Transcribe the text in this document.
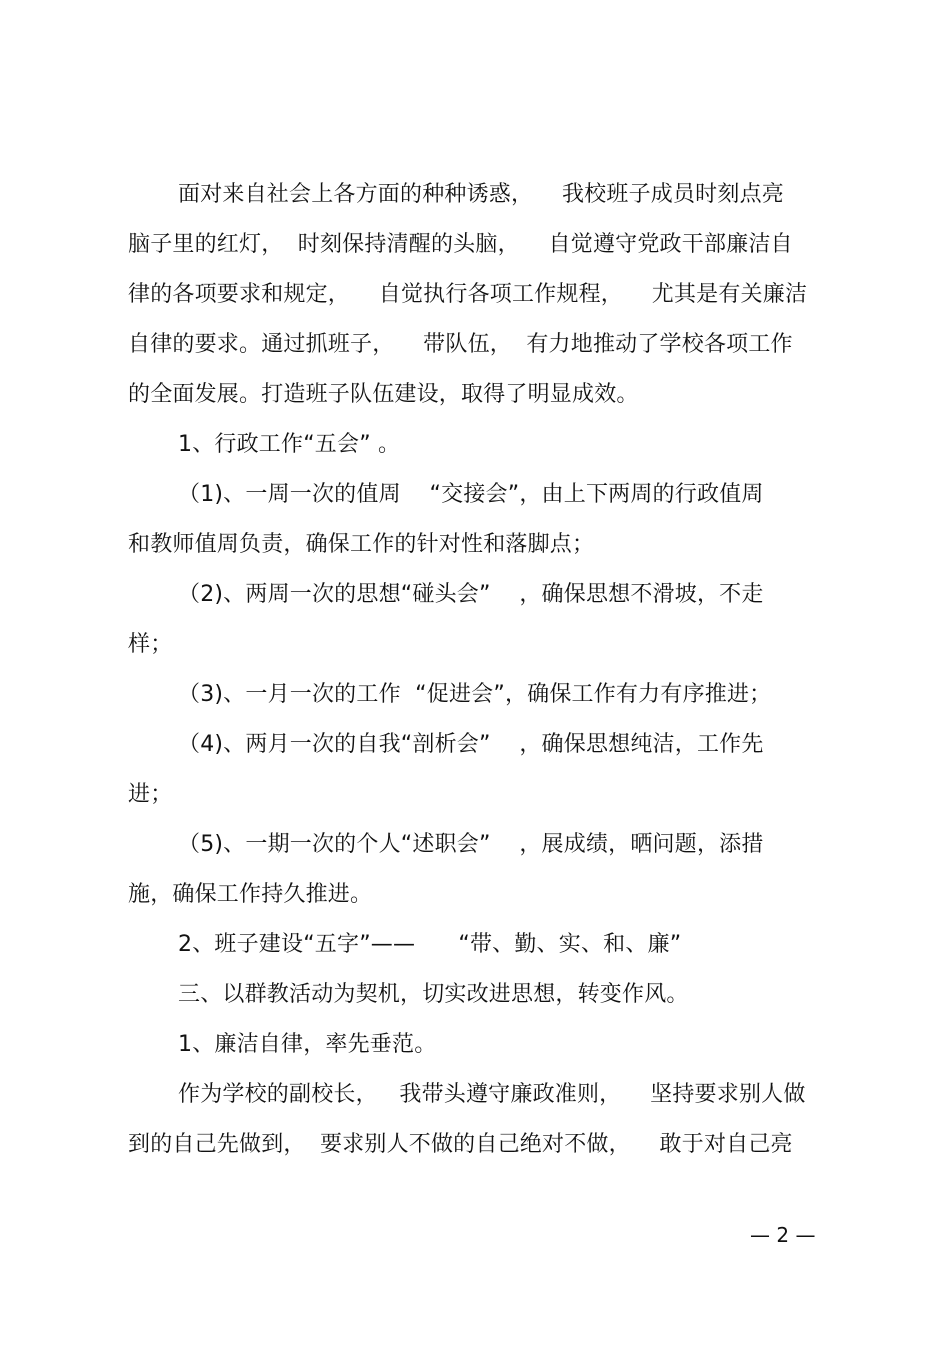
面对来自社会上各方面的种种诱惑，    我校班子成员时刻点亮
脑子里的红灯，  时刻保持清醒的头脑，    自觉遵守党政干部廉洁自
律的各项要求和规定，    自觉执行各项工作规程，    尤其是有关廉洁
自律的要求。通过抓班子，    带队伍，  有力地推动了学校各项工作
的全面发展。打造班子队伍建设，取得了明显成效。
1、行政工作“五会” 。
（1)、一周一次的值周    “交接会”，由上下两周的行政值周
和教师值周负责，确保工作的针对性和落脚点；
（2)、两周一次的思想“碰头会”    ，确保思想不滑坡，不走
样；
（3)、一月一次的工作  “促进会”，确保工作有力有序推进；
（4)、两月一次的自我“剖析会”    ，确保思想纯洁，工作先
进；
（5)、一期一次的个人“述职会”    ，展成绩，晒问题，添措
施，确保工作持久推进。
2、班子建设“五字”——      “带、勤、实、和、廉”
三、以群教活动为契机，切实改进思想，转变作风。
1、廉洁自律，率先垂范。
作为学校的副校长，   我带头遵守廉政准则，    坚持要求别人做
到的自己先做到，  要求别人不做的自己绝对不做，    敢于对自己亮
— 2 —
